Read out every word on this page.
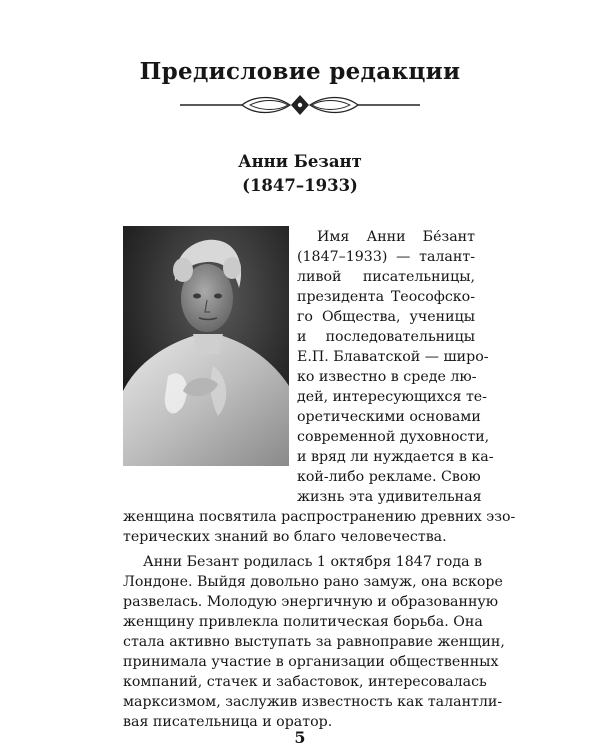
Предисловие редакции
Анни Безант
(1847–1933)
Имя Анни Бе́зант
(1847–1933) — талант-
ливой писательницы,
президента Теософско-
го Общества, ученицы
и последовательницы
Е.П. Блаватской — широ-
ко известно в среде лю-
дей, интересующихся те-
оретическими основами
современной духовности,
и вряд ли нуждается в ка-
кой-либо рекламе. Свою
жизнь эта удивительная
женщина посвятила распространению древних эзо-
терических знаний во благо человечества.
Анни Безант родилась 1 октября 1847 года в
Лондоне. Выйдя довольно рано замуж, она вскоре
развелась. Молодую энергичную и образованную
женщину привлекла политическая борьба. Она
стала активно выступать за равноправие женщин,
принимала участие в организации общественных
компаний, стачек и забастовок, интересовалась
марксизмом, заслужив известность как талантли-
вая писательница и оратор.
5
